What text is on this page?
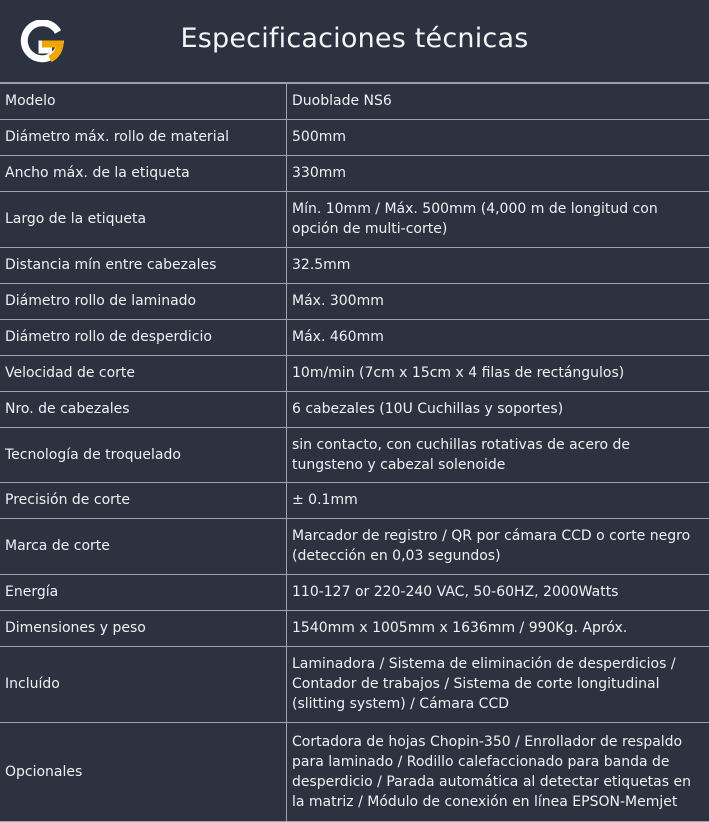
Especificaciones técnicas
Modelo	Duoblade NS6
Diámetro máx. rollo de material	500mm
Ancho máx. de la etiqueta	330mm
Largo de la etiqueta	Mín. 10mm / Máx. 500mm (4,000 m de longitud con opción de multi-corte)
Distancia mín entre cabezales	32.5mm
Diámetro rollo de laminado	Máx. 300mm
Diámetro rollo de desperdicio	Máx. 460mm
Velocidad de corte	10m/min (7cm x 15cm x 4 filas de rectángulos)
Nro. de cabezales	6 cabezales (10U Cuchillas y soportes)
Tecnología de troquelado	sin contacto, con cuchillas rotativas de acero de tungsteno y cabezal solenoide
Precisión de corte	± 0.1mm
Marca de corte	Marcador de registro / QR por cámara CCD o corte negro (detección en 0,03 segundos)
Energía	110-127 or 220-240 VAC, 50-60HZ, 2000Watts
Dimensiones y peso	1540mm x 1005mm x 1636mm / 990Kg. Apróx.
Incluído	Laminadora / Sistema de eliminación de desperdicios / Contador de trabajos / Sistema de corte longitudinal (slitting system) / Cámara CCD
Opcionales	Cortadora de hojas Chopin-350 / Enrollador de respaldo para laminado / Rodillo calefaccionado para banda de desperdicio / Parada automática al detectar etiquetas en la matriz / Módulo de conexión en línea EPSON-Memjet
